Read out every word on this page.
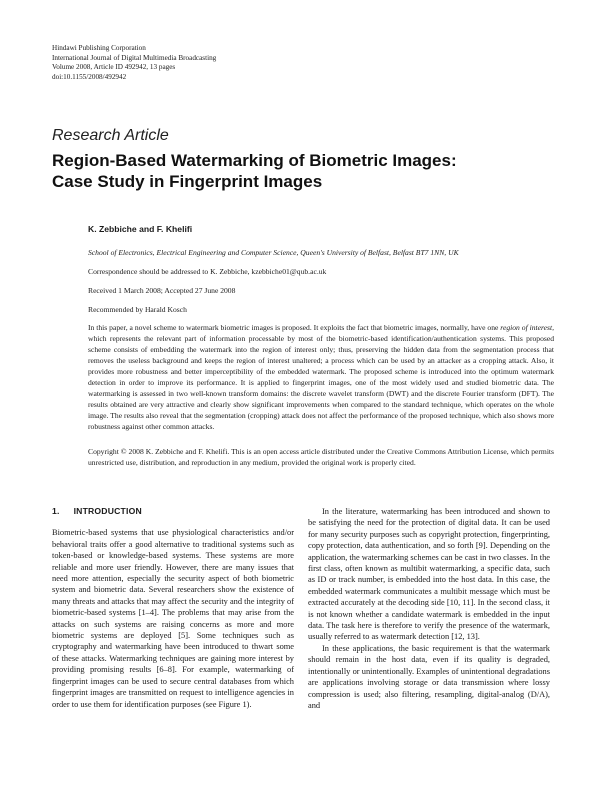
Hindawi Publishing Corporation
International Journal of Digital Multimedia Broadcasting
Volume 2008, Article ID 492942, 13 pages
doi:10.1155/2008/492942
Research Article
Region-Based Watermarking of Biometric Images:
Case Study in Fingerprint Images
K. Zebbiche and F. Khelifi
School of Electronics, Electrical Engineering and Computer Science, Queen's University of Belfast, Belfast BT7 1NN, UK
Correspondence should be addressed to K. Zebbiche, kzebbiche01@qub.ac.uk
Received 1 March 2008; Accepted 27 June 2008
Recommended by Harald Kosch
In this paper, a novel scheme to watermark biometric images is proposed. It exploits the fact that biometric images, normally, have one region of interest, which represents the relevant part of information processable by most of the biometric-based identification/authentication systems. This proposed scheme consists of embedding the watermark into the region of interest only; thus, preserving the hidden data from the segmentation process that removes the useless background and keeps the region of interest unaltered; a process which can be used by an attacker as a cropping attack. Also, it provides more robustness and better imperceptibility of the embedded watermark. The proposed scheme is introduced into the optimum watermark detection in order to improve its performance. It is applied to fingerprint images, one of the most widely used and studied biometric data. The watermarking is assessed in two well-known transform domains: the discrete wavelet transform (DWT) and the discrete Fourier transform (DFT). The results obtained are very attractive and clearly show significant improvements when compared to the standard technique, which operates on the whole image. The results also reveal that the segmentation (cropping) attack does not affect the performance of the proposed technique, which also shows more robustness against other common attacks.
Copyright © 2008 K. Zebbiche and F. Khelifi. This is an open access article distributed under the Creative Commons Attribution License, which permits unrestricted use, distribution, and reproduction in any medium, provided the original work is properly cited.
1. INTRODUCTION

Biometric-based systems that use physiological characteristics and/or behavioral traits offer a good alternative to traditional systems such as token-based or knowledge-based systems. These systems are more reliable and more user friendly. However, there are many issues that need more attention, especially the security aspect of both biometric system and biometric data. Several researchers show the existence of many threats and attacks that may affect the security and the integrity of biometric-based systems [1–4]. The problems that may arise from the attacks on such systems are raising concerns as more and more biometric systems are deployed [5]. Some techniques such as cryptography and watermarking have been introduced to thwart some of these attacks. Watermarking techniques are gaining more interest by providing promising results [6–8]. For example, watermarking of fingerprint images can be used to secure central databases from which fingerprint images are transmitted on request to intelligence agencies in order to use them for identification purposes (see Figure 1).

In the literature, watermarking has been introduced and shown to be satisfying the need for the protection of digital data. It can be used for many security purposes such as copyright protection, fingerprinting, copy protection, data authentication, and so forth [9]. Depending on the application, the watermarking schemes can be cast in two classes. In the first class, often known as multibit watermarking, a specific data, such as ID or track number, is embedded into the host data. In this case, the embedded watermark communicates a multibit message which must be extracted accurately at the decoding side [10, 11]. In the second class, it is not known whether a candidate watermark is embedded in the input data. The task here is therefore to verify the presence of the watermark, usually referred to as watermark detection [12, 13].

In these applications, the basic requirement is that the watermark should remain in the host data, even if its quality is degraded, intentionally or unintentionally. Examples of unintentional degradations are applications involving storage or data transmission where lossy compression is used; also filtering, resampling, digital-analog (D/A), and
